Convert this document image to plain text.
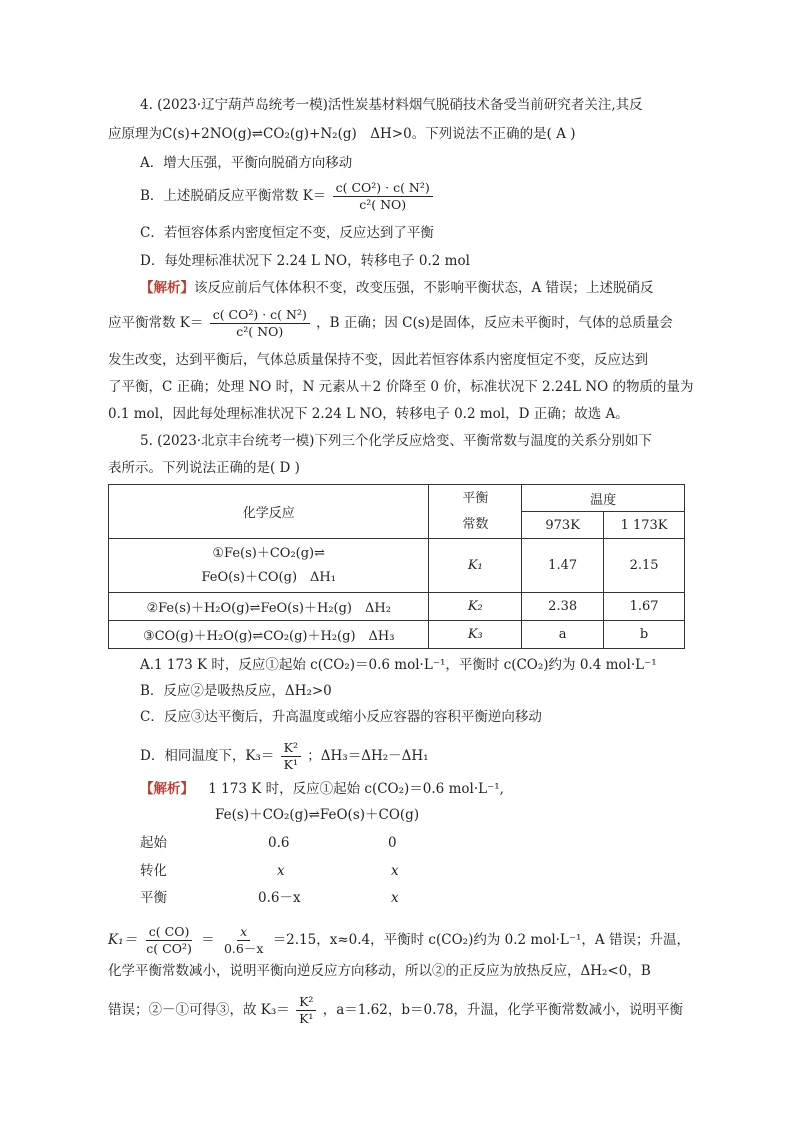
4. (2023·辽宁葫芦岛统考一模)活性炭基材料烟气脱硝技术备受当前研究者关注,其反
应原理为C(s)+2NO(g)⇌CO₂(g)+N₂(g)　ΔH>0。下列说法不正确的是( A )
A．增大压强，平衡向脱硝方向移动
B．上述脱硝反应平衡常数 $K= \frac{\text{c( CO²) · c( N²)}}{\text{c²( NO)}}$
C．若恒容体系内密度恒定不变，反应达到了平衡
D．每处理标准状况下 2.24 L NO，转移电子 0.2 mol
【解析】该反应前后气体体积不变，改变压强，不影响平衡状态，A 错误；上述脱硝反
应平衡常数 $K= \frac{\text{c( CO²) · c( N²)}}{\text{c²( NO)}}$ ，B 正确；因 C(s)是固体，反应未平衡时，气体的总质量会
发生改变，达到平衡后，气体总质量保持不变，因此若恒容体系内密度恒定不变，反应达到
了平衡，C 正确；处理 NO 时，N 元素从＋2 价降至 0 价，标准状况下 2.24L NO 的物质的量为
0.1 mol，因此每处理标准状况下 2.24 L NO，转移电子 0.2 mol，D 正确；故选 A。
5. (2023·北京丰台统考一模)下列三个化学反应焓变、平衡常数与温度的关系分别如下
表所示。下列说法正确的是( D )
化学反应	平衡
常数	温度	
		973K	1 173K

①Fe(s)＋CO₂(g)⇌
FeO(s)＋CO(g)　ΔH₁	K₁	1.47	2.15
②Fe(s)＋H₂O(g)⇌FeO(s)＋H₂(g)　ΔH₂	K₂	2.38	1.67
③CO(g)＋H₂O(g)⇌CO₂(g)＋H₂(g)　ΔH₃	K₃	a	b
A.1 173 K 时，反应①起始 c(CO₂)＝0.6 mol·L⁻¹，平衡时 c(CO₂)约为 0.4 mol·L⁻¹
B．反应②是吸热反应，ΔH₂>0
C．反应③达平衡后，升高温度或缩小反应容器的容积平衡逆向移动
D．相同温度下，$K_3= \frac{\text{K²}}{\text{K¹}}$ ；ΔH₃＝ΔH₂－ΔH₁
【解析】 1 173 K 时，反应①起始 c(CO₂)＝0.6 mol·L⁻¹,
Fe(s)＋CO₂(g)⇌FeO(s)＋CO(g)
起始	0.6	0
转化	x	x
平衡	0.6－x	x
$K_1= \frac{c( CO)}{\text{c( CO²)}} = \frac{x}{0.6-x} =2.15$，x≈0.4，平衡时 c(CO₂)约为 0.2 mol·L⁻¹，A 错误；升温，
化学平衡常数减小，说明平衡向逆反应方向移动，所以②的正反应为放热反应，ΔH₂<0，B
错误；②－①可得③，故 $K_3= \frac{\text{K²}}{\text{K¹}}$ ，a＝1.62，b＝0.78，升温，化学平衡常数减小，说明平衡
